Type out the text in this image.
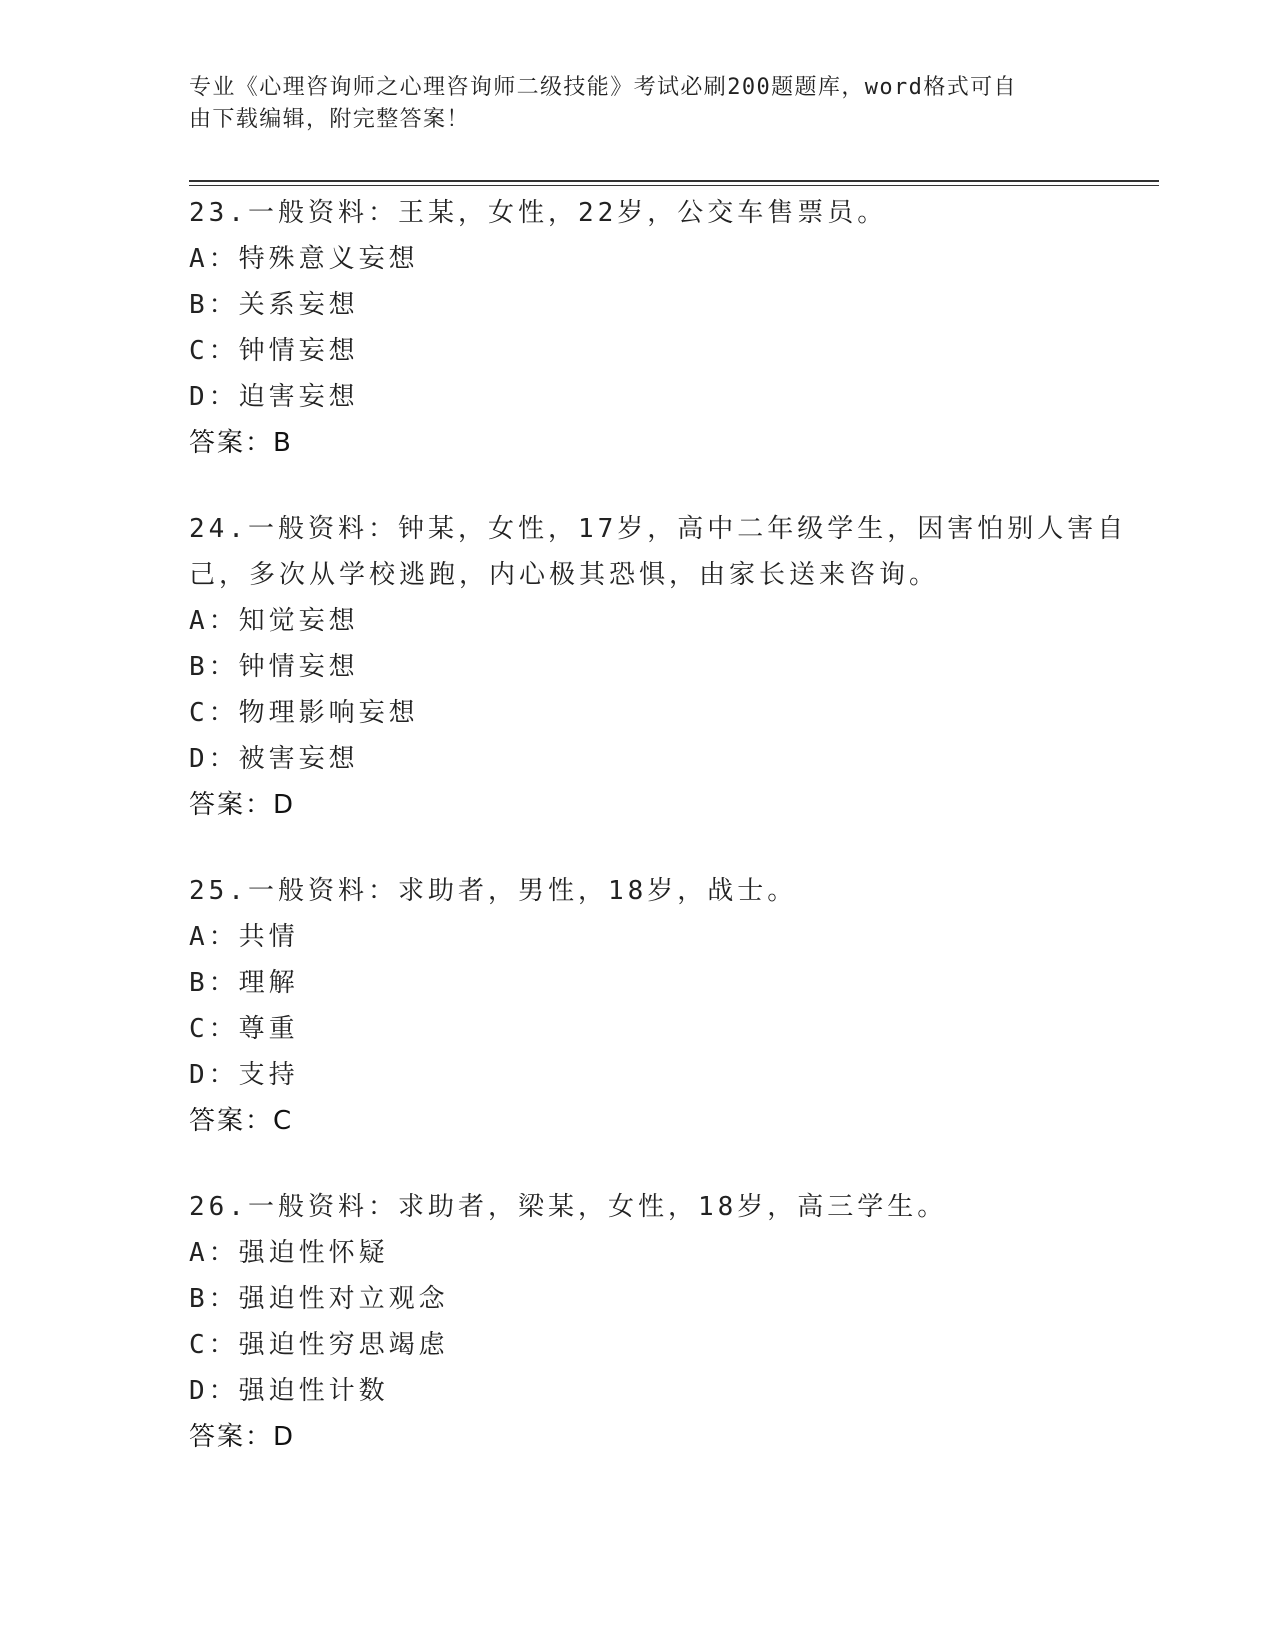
专业《心理咨询师之心理咨询师二级技能》考试必刷200题题库，word格式可自
由下载编辑，附完整答案！
23.一般资料：王某，女性，22岁，公交车售票员。
A：特殊意义妄想
B：关系妄想
C：钟情妄想
D：迫害妄想
答案：B
24.一般资料：钟某，女性，17岁，高中二年级学生，因害怕别人害自
己，多次从学校逃跑，内心极其恐惧，由家长送来咨询。
A：知觉妄想
B：钟情妄想
C：物理影响妄想
D：被害妄想
答案：D
25.一般资料：求助者，男性，18岁，战士。
A：共情
B：理解
C：尊重
D：支持
答案：C
26.一般资料：求助者，梁某，女性，18岁，高三学生。
A：强迫性怀疑
B：强迫性对立观念
C：强迫性穷思竭虑
D：强迫性计数
答案：D
